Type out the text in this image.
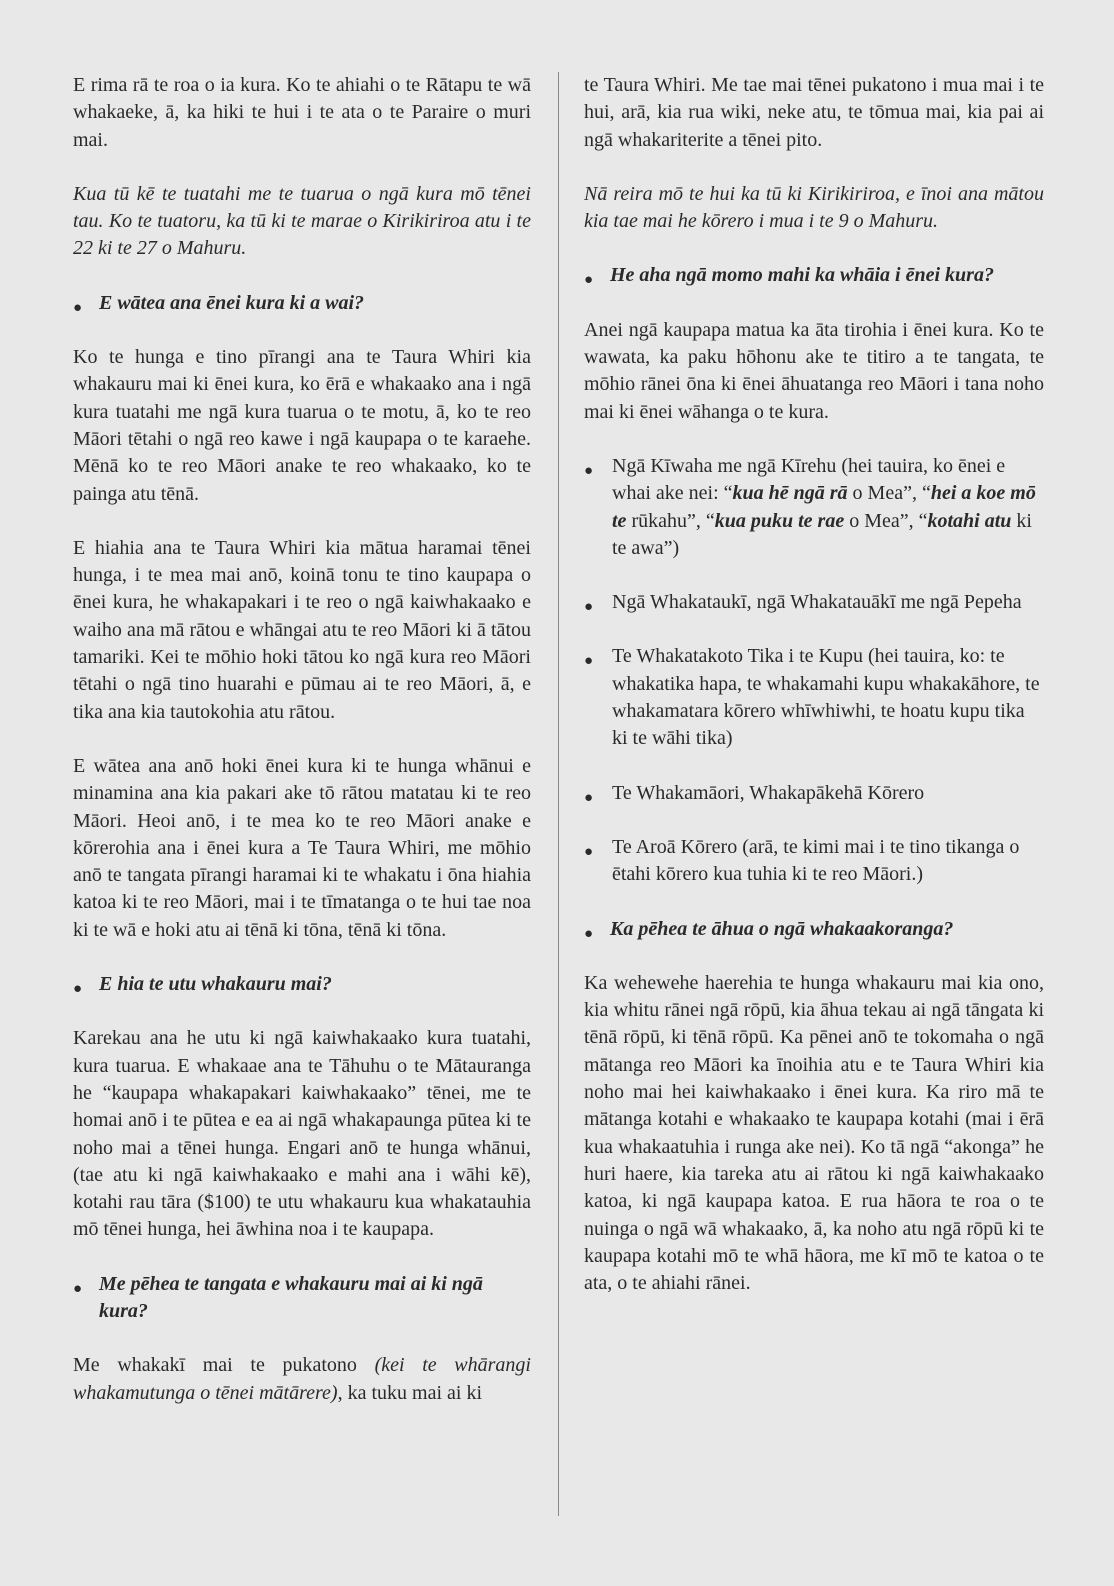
E rima rā te roa o ia kura. Ko te ahiahi o te Rātapu te wā whakaeke, ā, ka hiki te hui i te ata o te Paraire o muri mai.

Kua tū kē te tuatahi me te tuarua o ngā kura mō tēnei tau. Ko te tuatoru, ka tū ki te marae o Kirikiriroa atu i te 22 ki te 27 o Mahuru.

● E wātea ana ēnei kura ki a wai?

Ko te hunga e tino pīrangi ana te Taura Whiri kia whakauru mai ki ēnei kura, ko ērā e whakaako ana i ngā kura tuatahi me ngā kura tuarua o te motu, ā, ko te reo Māori tētahi o ngā reo kawe i ngā kaupapa o te karaehe. Mēnā ko te reo Māori anake te reo whakaako, ko te painga atu tēnā.

E hiahia ana te Taura Whiri kia mātua haramai tēnei hunga, i te mea mai anō, koinā tonu te tino kaupapa o ēnei kura, he whakapakari i te reo o ngā kaiwhakaako e waiho ana mā rātou e whāngai atu te reo Māori ki ā tātou tamariki. Kei te mōhio hoki tātou ko ngā kura reo Māori tētahi o ngā tino huarahi e pūmau ai te reo Māori, ā, e tika ana kia tautokohia atu rātou.

E wātea ana anō hoki ēnei kura ki te hunga whānui e minamina ana kia pakari ake tō rātou matatau ki te reo Māori. Heoi anō, i te mea ko te reo Māori anake e kōrerohia ana i ēnei kura a Te Taura Whiri, me mōhio anō te tangata pīrangi haramai ki te whakatu i ōna hiahia katoa ki te reo Māori, mai i te tīmatanga o te hui tae noa ki te wā e hoki atu ai tēnā ki tōna, tēnā ki tōna.

● E hia te utu whakauru mai?

Karekau ana he utu ki ngā kaiwhakaako kura tuatahi, kura tuarua. E whakaae ana te Tāhuhu o te Mātauranga he “kaupapa whakapakari kaiwhakaako” tēnei, me te homai anō i te pūtea e ea ai ngā whakapaunga pūtea ki te noho mai a tēnei hunga. Engari anō te hunga whānui, (tae atu ki ngā kaiwhakaako e mahi ana i wāhi kē), kotahi rau tāra ($100) te utu whakauru kua whakatauhia mō tēnei hunga, hei āwhina noa i te kaupapa.

● Me pēhea te tangata e whakauru mai ai ki ngā kura?

Me whakakī mai te pukatono (kei te whārangi whakamutunga o tēnei mātārere), ka tuku mai ai ki

te Taura Whiri. Me tae mai tēnei pukatono i mua mai i te hui, arā, kia rua wiki, neke atu, te tōmua mai, kia pai ai ngā whakariterite a tēnei pito.

Nā reira mō te hui ka tū ki Kirikiriroa, e īnoi ana mātou kia tae mai he kōrero i mua i te 9 o Mahuru.

● He aha ngā momo mahi ka whāia i ēnei kura?

Anei ngā kaupapa matua ka āta tirohia i ēnei kura. Ko te wawata, ka paku hōhonu ake te titiro a te tangata, te mōhio rānei ōna ki ēnei āhuatanga reo Māori i tana noho mai ki ēnei wāhanga o te kura.

● Ngā Kīwaha me ngā Kīrehu (hei tauira, ko ēnei e whai ake nei: “kua hē ngā rā o Mea”, “hei a koe mō te rūkahu”, “kua puku te rae o Mea”, “kotahi atu ki te awa”)
● Ngā Whakataukī, ngā Whakatauākī me ngā Pepeha
● Te Whakatakoto Tika i te Kupu (hei tauira, ko: te whakatika hapa, te whakamahi kupu whakakāhore, te whakamatara kōrero whīwhiwhi, te hoatu kupu tika ki te wāhi tika)
● Te Whakamāori, Whakapākehā Kōrero
● Te Aroā Kōrero (arā, te kimi mai i te tino tikanga o ētahi kōrero kua tuhia ki te reo Māori.)
● Ka pēhea te āhua o ngā whakaakoranga?

Ka wehewehe haerehia te hunga whakauru mai kia ono, kia whitu rānei ngā rōpū, kia āhua tekau ai ngā tāngata ki tēnā rōpū, ki tēnā rōpū. Ka pēnei anō te tokomaha o ngā mātanga reo Māori ka īnoihia atu e te Taura Whiri kia noho mai hei kaiwhakaako i ēnei kura. Ka riro mā te mātanga kotahi e whakaako te kaupapa kotahi (mai i ērā kua whakaatuhia i runga ake nei). Ko tā ngā “akonga” he huri haere, kia tareka atu ai rātou ki ngā kaiwhakaako katoa, ki ngā kaupapa katoa. E rua hāora te roa o te nuinga o ngā wā whakaako, ā, ka noho atu ngā rōpū ki te kaupapa kotahi mō te whā hāora, me kī mō te katoa o te ata, o te ahiahi rānei.
